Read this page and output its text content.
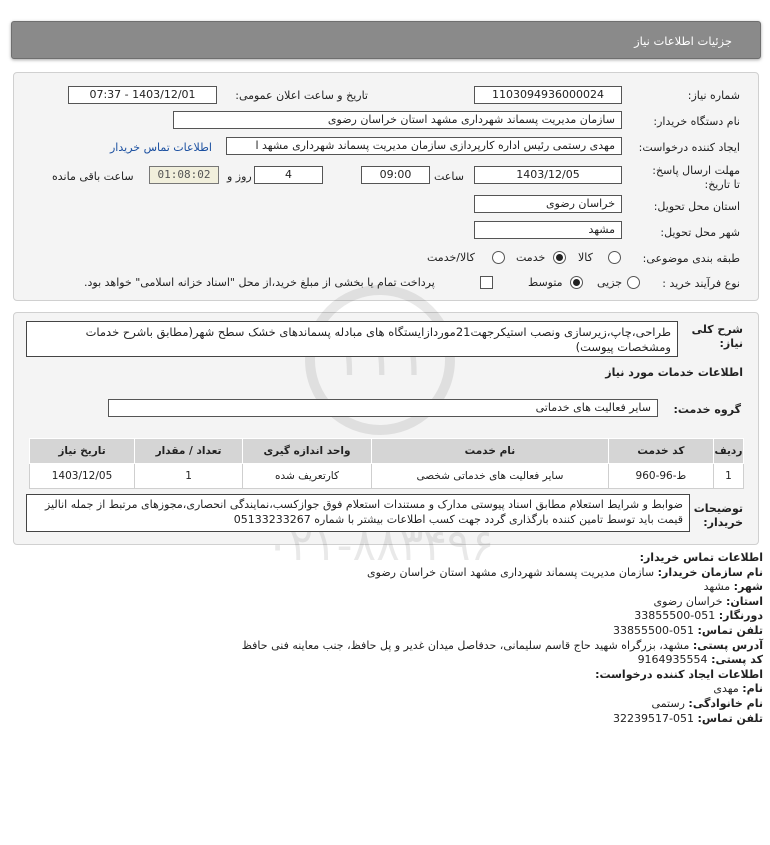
جزئیات اطلاعات نیاز
شماره نیاز:
1103094936000024
تاریخ و ساعت اعلان عمومی:
1403/12/01 - 07:37
نام دستگاه خریدار:
سازمان مدیریت پسماند شهرداری مشهد استان خراسان رضوی
ایجاد کننده درخواست:
مهدی رستمی رئیس اداره کارپردازی سازمان مدیریت پسماند شهرداری مشهد ا
اطلاعات تماس خریدار
مهلت ارسال پاسخ: تا تاریخ:
1403/12/05
ساعت
09:00
4
روز و
01:08:02
ساعت باقی مانده
استان محل تحویل:
خراسان رضوی
شهر محل تحویل:
مشهد
طبقه بندی موضوعی:
کالا
خدمت
کالا/خدمت
نوع فرآیند خرید :
جزیی
متوسط
پرداخت تمام یا بخشی از مبلغ خرید،از محل "اسناد خزانه اسلامی" خواهد بود.
۰۲۱-۸۸۳۴۹۶
شرح کلی نیاز:
طراحی،چاپ،زیرسازی ونصب استیکرجهت21موردازایستگاه های مبادله پسماندهای خشک سطح شهر(مطابق باشرح خدمات ومشخصات پیوست)
اطلاعات خدمات مورد نیاز
گروه خدمت:
سایر فعالیت های خدماتی
ردیف	کد خدمت	نام خدمت	واحد اندازه گیری	تعداد / مقدار	تاریخ نیاز
1	ط-96-960	سایر فعالیت های خدماتی شخصی	کارتعریف شده	1	1403/12/05
توضیحات خریدار:
ضوابط و شرایط استعلام مطابق اسناد پیوستی مدارک و مستندات استعلام فوق جوازکسب،نمایندگی انحصاری،مجوزهای مرتبط از جمله انالیز قیمت باید توسط تامین کننده بارگذاری گردد جهت کسب اطلاعات بیشتر با شماره 05133233267
اطلاعات تماس خریدار:
نام سازمان خریدار: سازمان مدیریت پسماند شهرداری مشهد استان خراسان رضوی
شهر: مشهد
استان: خراسان رضوی
دورنگار: 051-33855500
تلفن تماس: 051-33855500
آدرس پستی: مشهد، بزرگراه شهید حاج قاسم سلیمانی، حدفاصل میدان غدیر و پل حافظ، جنب معاینه فنی حافظ
کد پستی: 9164935554
اطلاعات ایجاد کننده درخواست:
نام: مهدی
نام خانوادگی: رستمی
تلفن تماس: 051-32239517
